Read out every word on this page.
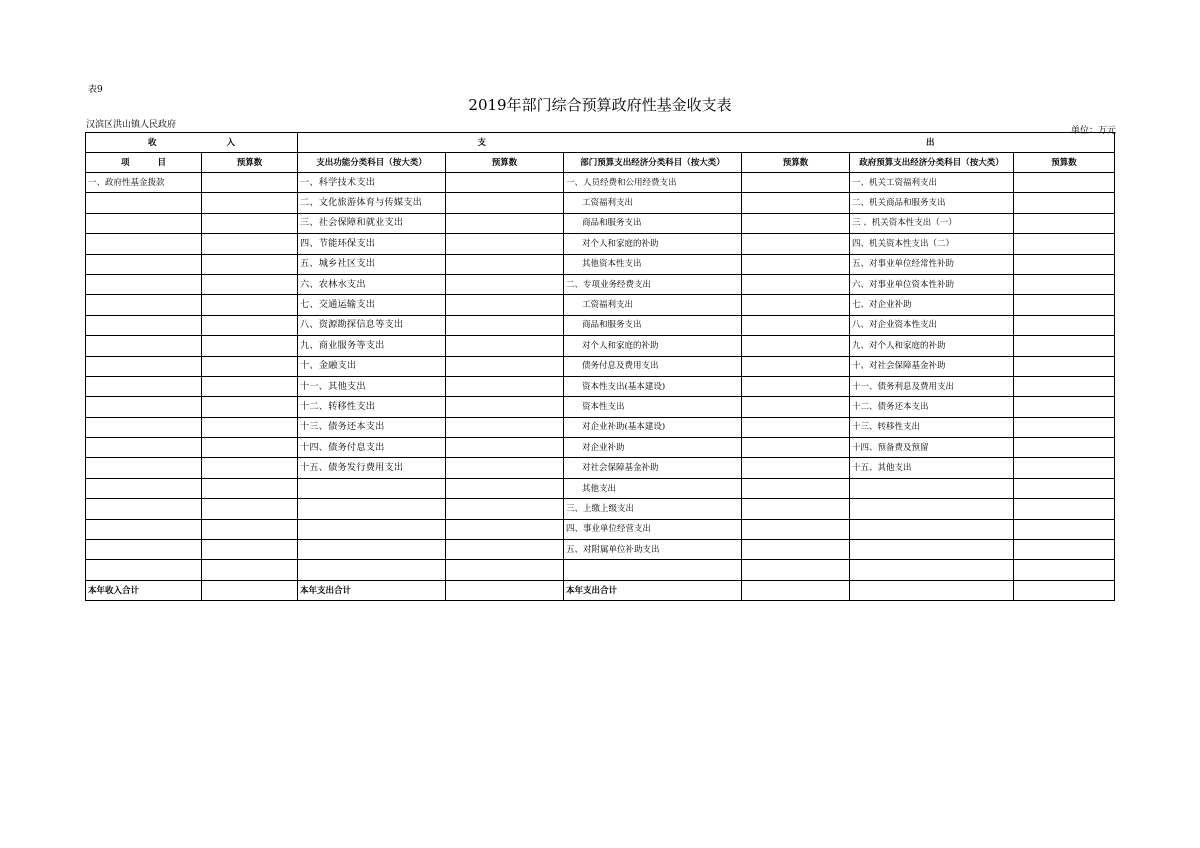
表9
2019年部门综合预算政府性基金收支表
汉滨区洪山镇人民政府
单位：万元
收 入		支 出					
项 目	预算数	支出功能分类科目（按大类）	预算数	部门预算支出经济分类科目（按大类）	预算数	政府预算支出经济分类科目（按大类）	预算数
一、政府性基金拨款		一、科学技术支出		一、人员经费和公用经费支出		一、机关工资福利支出	
		二、文化旅游体育与传媒支出		工资福利支出		二、机关商品和服务支出	
		三、社会保障和就业支出		商品和服务支出		三 、机关资本性支出（一）	
		四、节能环保支出		对个人和家庭的补助		四、机关资本性支出（二）	
		五、城乡社区支出		其他资本性支出		五、对事业单位经常性补助	
		六、农林水支出		二、专项业务经费支出		六、对事业单位资本性补助	
		七、交通运输支出		工资福利支出		七、对企业补助	
		八、资源勘探信息等支出		商品和服务支出		八、对企业资本性支出	
		九、商业服务等支出		对个人和家庭的补助		九、对个人和家庭的补助	
		十、金融支出		债务付息及费用支出		十、对社会保障基金补助	
		十一、其他支出		资本性支出(基本建设)		十一、债务利息及费用支出	
		十二、转移性支出		资本性支出		十二、债务还本支出	
		十三、债务还本支出		对企业补助(基本建设)		十三、转移性支出	
		十四、债务付息支出		对企业补助		十四、预备费及预留	
		十五、债务发行费用支出		对社会保障基金补助		十五、其他支出	
				其他支出			
				三、上缴上级支出			
				四、事业单位经营支出			
				五、对附属单位补助支出			

本年收入合计		本年支出合计		本年支出合计			
